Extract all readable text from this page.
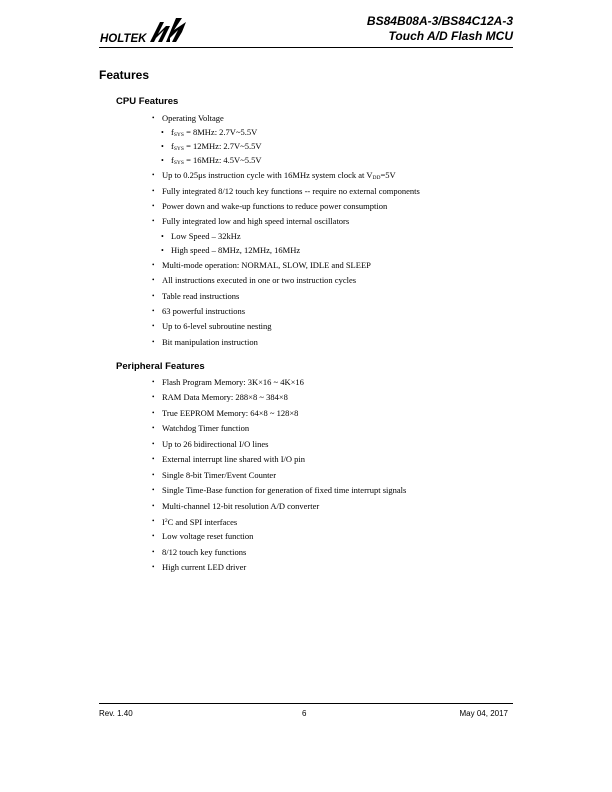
HOLTEK
BS84B08A-3/BS84C12A-3
Touch A/D Flash MCU
Features
CPU Features
• Operating Voltage
• fSYS = 8MHz: 2.7V~5.5V
• fSYS = 12MHz: 2.7V~5.5V
• fSYS = 16MHz: 4.5V~5.5V
• Up to 0.25μs instruction cycle with 16MHz system clock at VDD=5V
• Fully integrated 8/12 touch key functions -- require no external components
• Power down and wake-up functions to reduce power consumption
• Fully integrated low and high speed internal oscillators
• Low Speed – 32kHz
• High speed – 8MHz, 12MHz, 16MHz
• Multi-mode operation: NORMAL, SLOW, IDLE and SLEEP
• All instructions executed in one or two instruction cycles
• Table read instructions
• 63 powerful instructions
• Up to 6-level subroutine nesting
• Bit manipulation instruction
Peripheral Features
• Flash Program Memory: 3K×16 ~ 4K×16
• RAM Data Memory: 288×8 ~ 384×8
• True EEPROM Memory: 64×8 ~ 128×8
• Watchdog Timer function
• Up to 26 bidirectional I/O lines
• External interrupt line shared with I/O pin
• Single 8-bit Timer/Event Counter
• Single Time-Base function for generation of fixed time interrupt signals
• Multi-channel 12-bit resolution A/D converter
• $I^2C$ and SPI interfaces
• Low voltage reset function
• 8/12 touch key functions
• High current LED driver
Rev. 1.40	6	May 04, 2017
